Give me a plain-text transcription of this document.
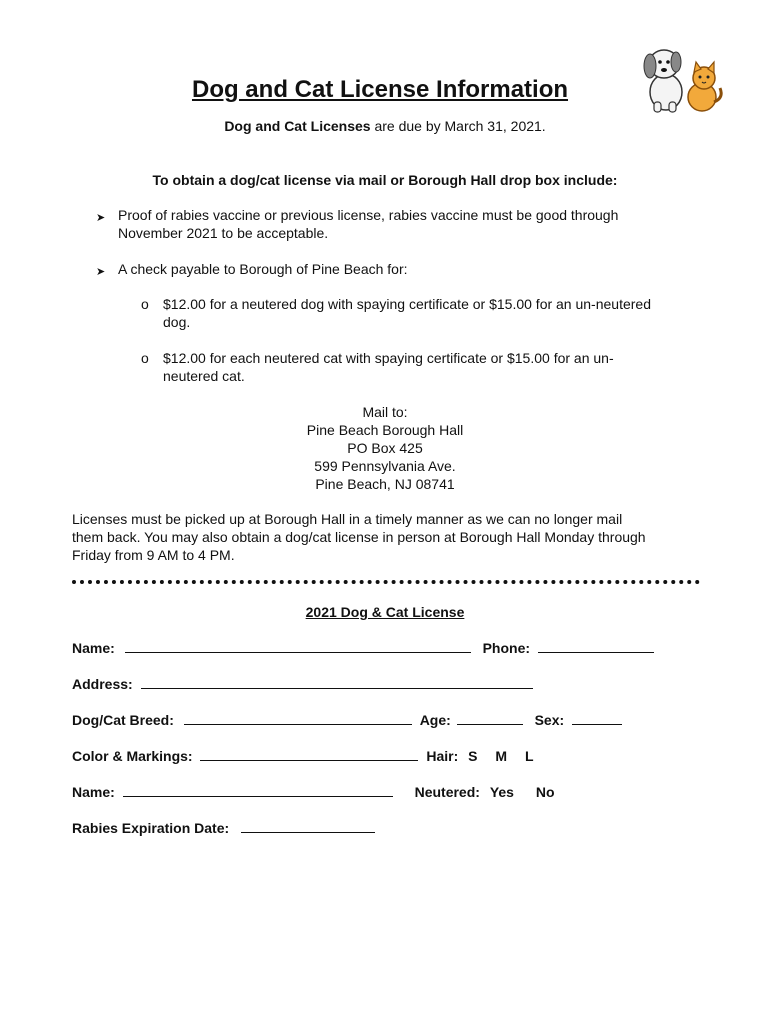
Dog and Cat License Information
Dog and Cat Licenses are due by March 31, 2021.
To obtain a dog/cat license via mail or Borough Hall drop box include:
➤ Proof of rabies vaccine or previous license, rabies vaccine must be good through
November 2021 to be acceptable.
➤ A check payable to Borough of Pine Beach for:
o $12.00 for a neutered dog with spaying certificate or $15.00 for an un-neutered
dog.
o $12.00 for each neutered cat with spaying certificate or $15.00 for an un-
neutered cat.
Mail to:
Pine Beach Borough Hall
PO Box 425
599 Pennsylvania Ave.
Pine Beach, NJ 08741
Licenses must be picked up at Borough Hall in a timely manner as we can no longer mail
them back. You may also obtain a dog/cat license in person at Borough Hall Monday through
Friday from 9 AM to 4 PM.
2021 Dog & Cat License
Name:	Phone:
Address:
Dog/Cat Breed:	Age:	Sex:
Color & Markings:	Hair: S M L
Name:	Neutered: Yes No
Rabies Expiration Date:
